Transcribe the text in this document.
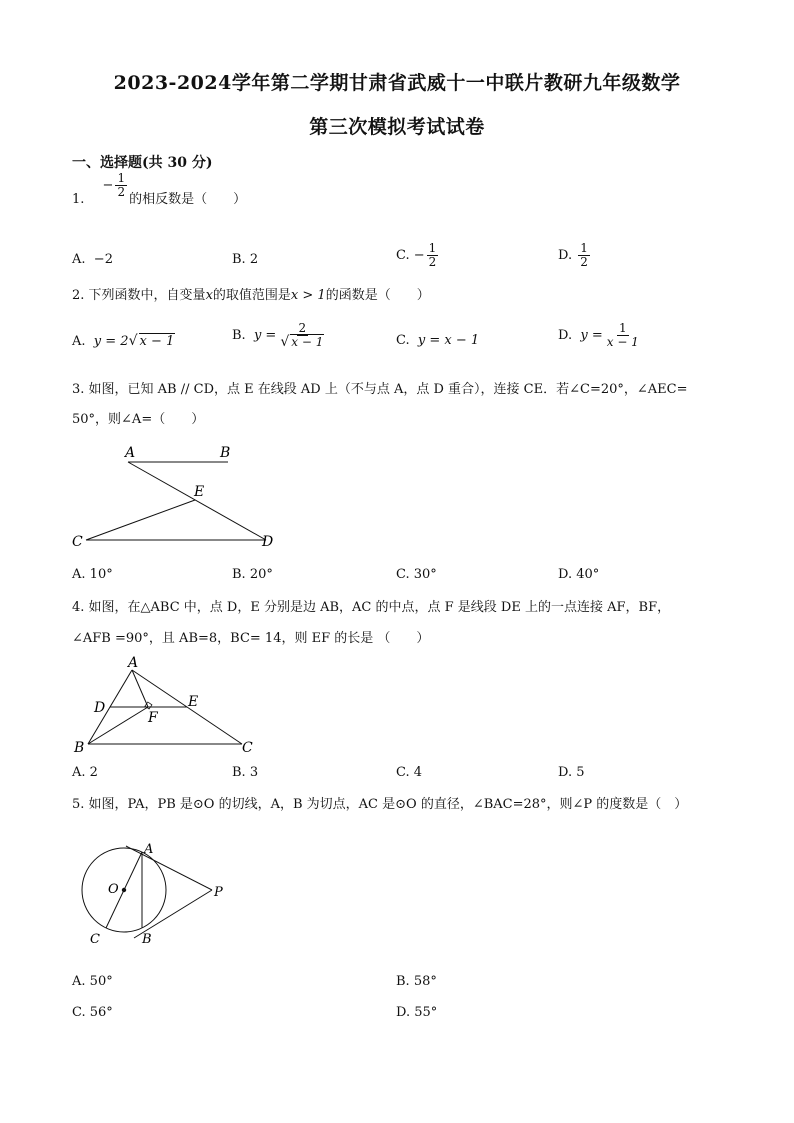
2023-2024学年第二学期甘肃省武威十一中联片教研九年级数学
第三次模拟考试试卷
一、选择题(共 30 分)
1. − $\frac{1}{2}$
的相反数是（　　）
A. −2	B. 2	C. − $\frac{1}{2}$	D. $\frac{1}{2}$
2. 下列函数中，自变量x的取值范围是x > 1的函数是（　　）
A. y = 2√ x − 1	B. $y = \frac{2}{√ x - 1}$	C. y = x − 1	D. $y = \frac{1}{x - 1}$
3. 如图，已知 AB // CD，点 E 在线段 AD 上（不与点 A，点 D 重合），连接 CE．若∠C=20°，∠AEC=
50°，则∠A=（　　）
A	B
E
C	D
A. 10°	B. 20°	C. 30°	D. 40°
4. 如图，在△ABC 中，点 D，E 分别是边 AB，AC 的中点，点 F 是线段 DE 上的一点连接 AF，BF，
∠AFB =90°，且 AB=8，BC= 14，则 EF 的长是 （　　）
A
D	E
F
B	C
A. 2	B. 3	C. 4	D. 5
5. 如图，PA，PB 是⊙O 的切线，A，B 为切点，AC 是⊙O 的直径，∠BAC=28°，则∠P 的度数是（　）
A
O	P
C	B
A. 50°	B. 58°
C. 56°	D. 55°
